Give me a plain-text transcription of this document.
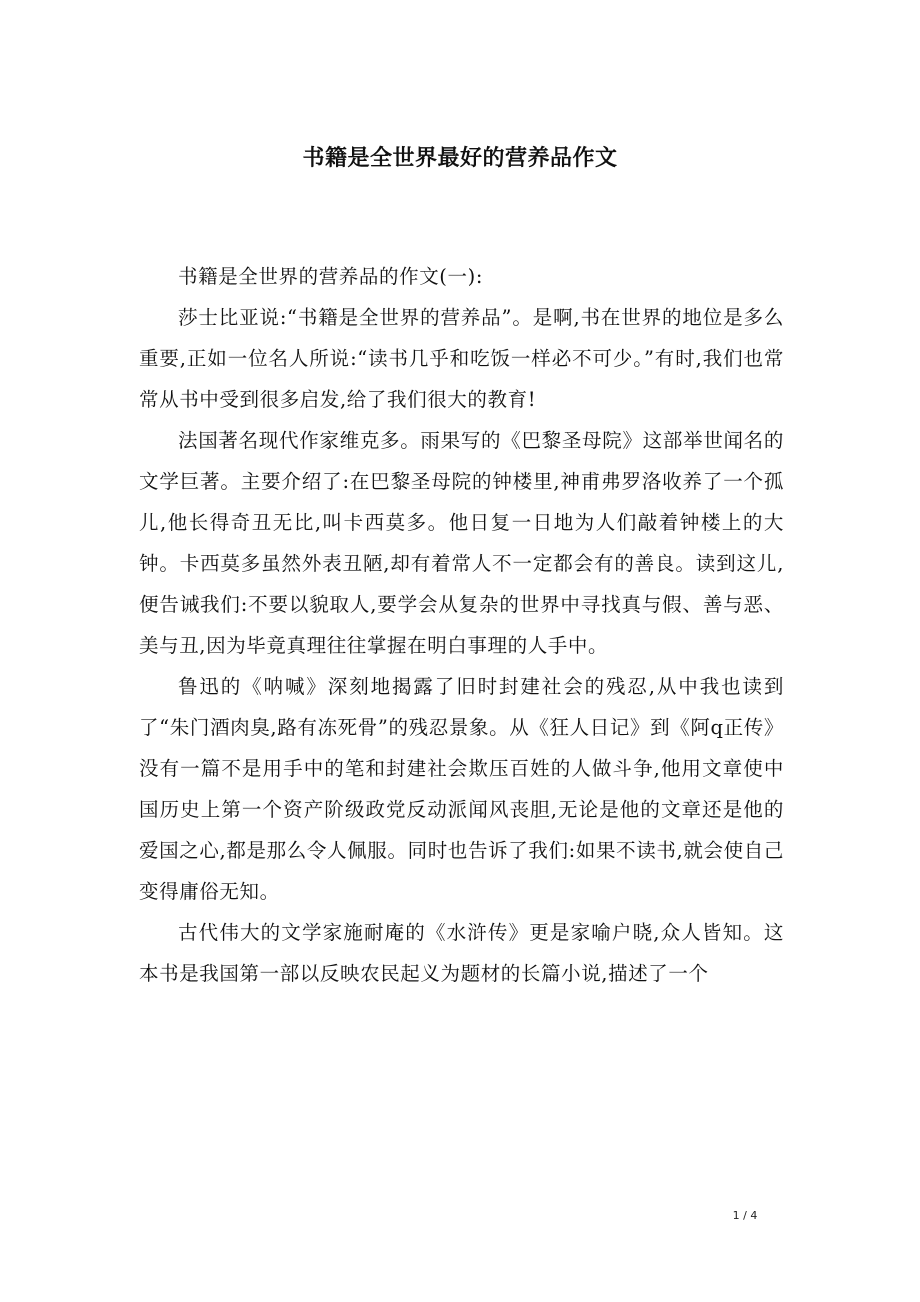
书籍是全世界最好的营养品作文

书籍是全世界的营养品的作文(一):

莎士比亚说:“书籍是全世界的营养品”。是啊,书在世界的地位是多么重要,正如一位名人所说:“读书几乎和吃饭一样必不可少。”有时,我们也常常从书中受到很多启发,给了我们很大的教育!

法国著名现代作家维克多。雨果写的《巴黎圣母院》这部举世闻名的文学巨著。主要介绍了:在巴黎圣母院的钟楼里,神甫弗罗洛收养了一个孤儿,他长得奇丑无比,叫卡西莫多。他日复一日地为人们敲着钟楼上的大钟。卡西莫多虽然外表丑陋,却有着常人不一定都会有的善良。读到这儿,便告诫我们:不要以貌取人,要学会从复杂的世界中寻找真与假、善与恶、美与丑,因为毕竟真理往往掌握在明白事理的人手中。

鲁迅的《呐喊》深刻地揭露了旧时封建社会的残忍,从中我也读到了“朱门酒肉臭,路有冻死骨”的残忍景象。从《狂人日记》到《阿q正传》没有一篇不是用手中的笔和封建社会欺压百姓的人做斗争,他用文章使中国历史上第一个资产阶级政党反动派闻风丧胆,无论是他的文章还是他的爱国之心,都是那么令人佩服。同时也告诉了我们:如果不读书,就会使自己变得庸俗无知。

古代伟大的文学家施耐庵的《水浒传》更是家喻户晓,众人皆知。这本书是我国第一部以反映农民起义为题材的长篇小说,描述了一个

1 / 4
